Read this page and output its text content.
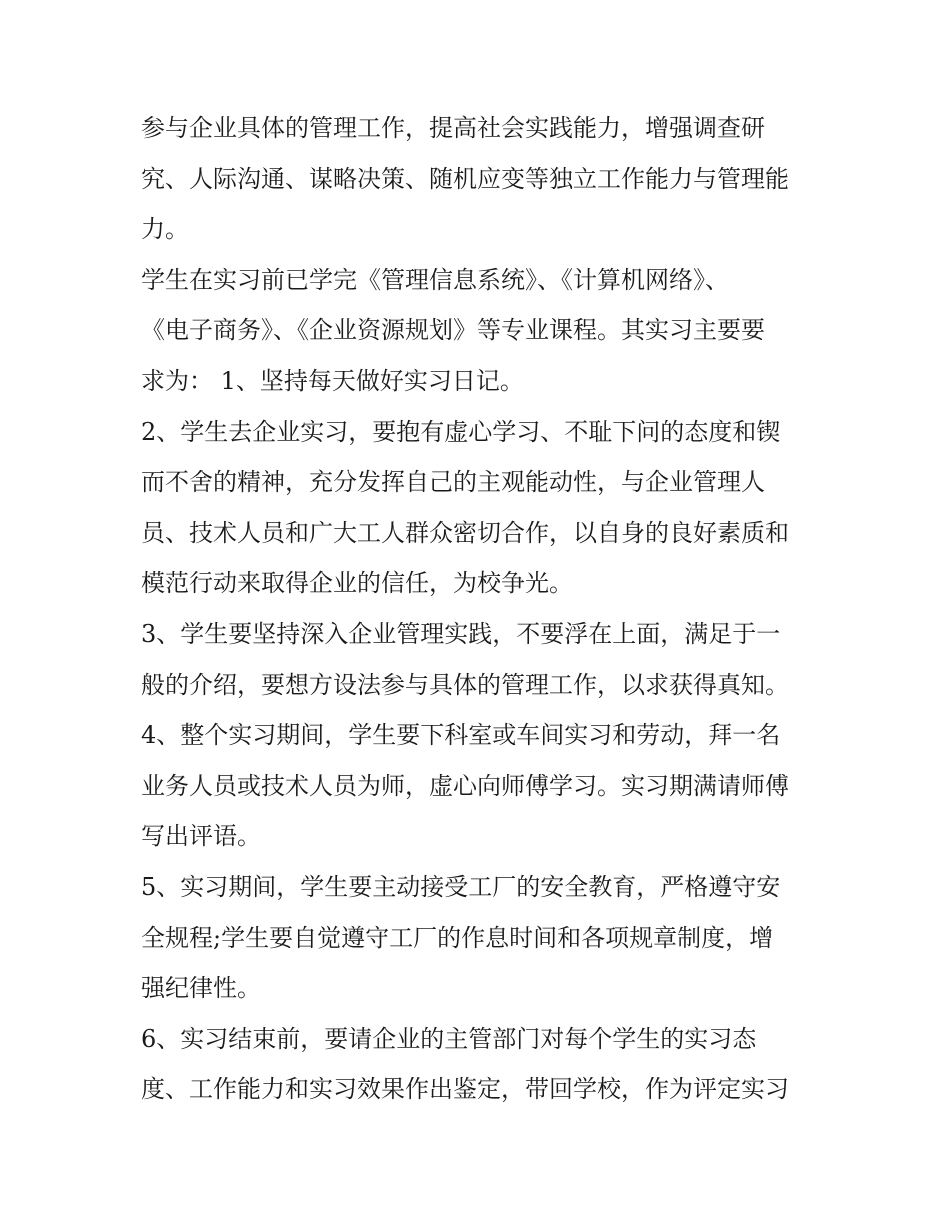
参与企业具体的管理工作，提高社会实践能力，增强调查研
究、人际沟通、谋略决策、随机应变等独立工作能力与管理能
力。
学生在实习前已学完《管理信息系统》、《计算机网络》、
《电子商务》、《企业资源规划》等专业课程。其实习主要要
求为： 1、坚持每天做好实习日记。
2、学生去企业实习，要抱有虚心学习、不耻下问的态度和锲
而不舍的精神，充分发挥自己的主观能动性，与企业管理人
员、技术人员和广大工人群众密切合作，以自身的良好素质和
模范行动来取得企业的信任，为校争光。
3、学生要坚持深入企业管理实践，不要浮在上面，满足于一
般的介绍，要想方设法参与具体的管理工作，以求获得真知。
4、整个实习期间，学生要下科室或车间实习和劳动，拜一名
业务人员或技术人员为师，虚心向师傅学习。实习期满请师傅
写出评语。
5、实习期间，学生要主动接受工厂的安全教育，严格遵守安
全规程;学生要自觉遵守工厂的作息时间和各项规章制度，增
强纪律性。
6、实习结束前，要请企业的主管部门对每个学生的实习态
度、工作能力和实习效果作出鉴定，带回学校，作为评定实习
